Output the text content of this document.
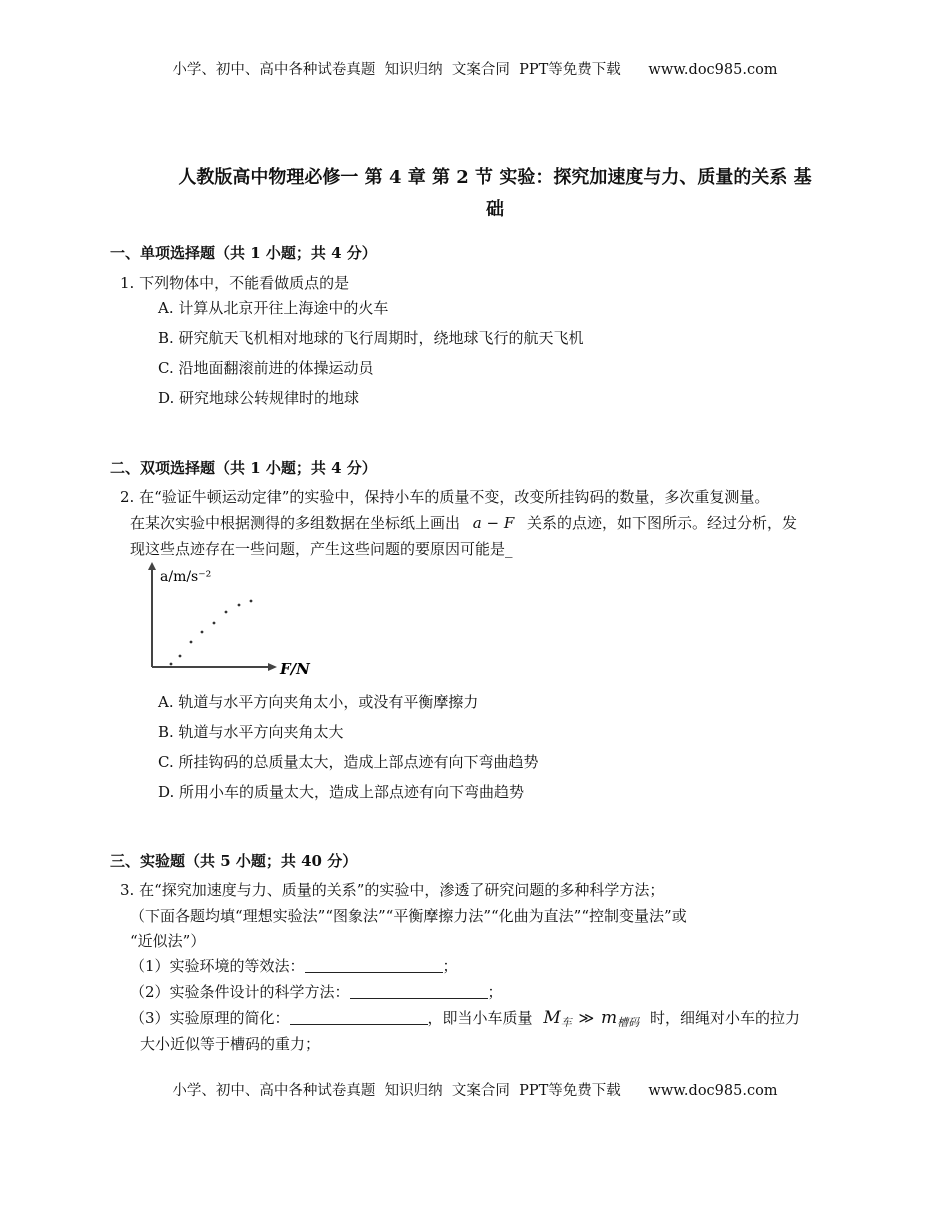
小学、初中、高中各种试卷真题  知识归纳  文案合同  PPT等免费下载      www.doc985.com
人教版高中物理必修一 第 4 章 第 2 节 实验：探究加速度与力、质量的关系 基
础
一、单项选择题（共 1 小题；共 4 分）
1. 下列物体中，不能看做质点的是
A. 计算从北京开往上海途中的火车
B. 研究航天飞机相对地球的飞行周期时，绕地球飞行的航天飞机
C. 沿地面翻滚前进的体操运动员
D. 研究地球公转规律时的地球
二、双项选择题（共 1 小题；共 4 分）
2. 在“验证牛顿运动定律”的实验中，保持小车的质量不变，改变所挂钩码的数量，多次重复测量。
在某次实验中根据测得的多组数据在坐标纸上画出 a − F 关系的点迹，如下图所示。经过分析，发
现这些点迹存在一些问题，产生这些问题的要原因可能是_
a/m/s⁻²
F/N
A. 轨道与水平方向夹角太小，或没有平衡摩擦力
B. 轨道与水平方向夹角太大
C. 所挂钩码的总质量太大，造成上部点迹有向下弯曲趋势
D. 所用小车的质量太大，造成上部点迹有向下弯曲趋势
三、实验题（共 5 小题；共 40 分）
3. 在“探究加速度与力、质量的关系”的实验中，渗透了研究问题的多种科学方法；
（下面各题均填“理想实验法”“图象法”“平衡摩擦力法”“化曲为直法”“控制变量法”或
“近似法”）
（1）实验环境的等效法：	；
（2）实验条件设计的科学方法：	；
（3）实验原理的简化：	，即当小车质量 $M_车$ ≫ $m_{槽码}$ 时，细绳对小车的拉力
大小近似等于槽码的重力；
小学、初中、高中各种试卷真题  知识归纳  文案合同  PPT等免费下载      www.doc985.com
